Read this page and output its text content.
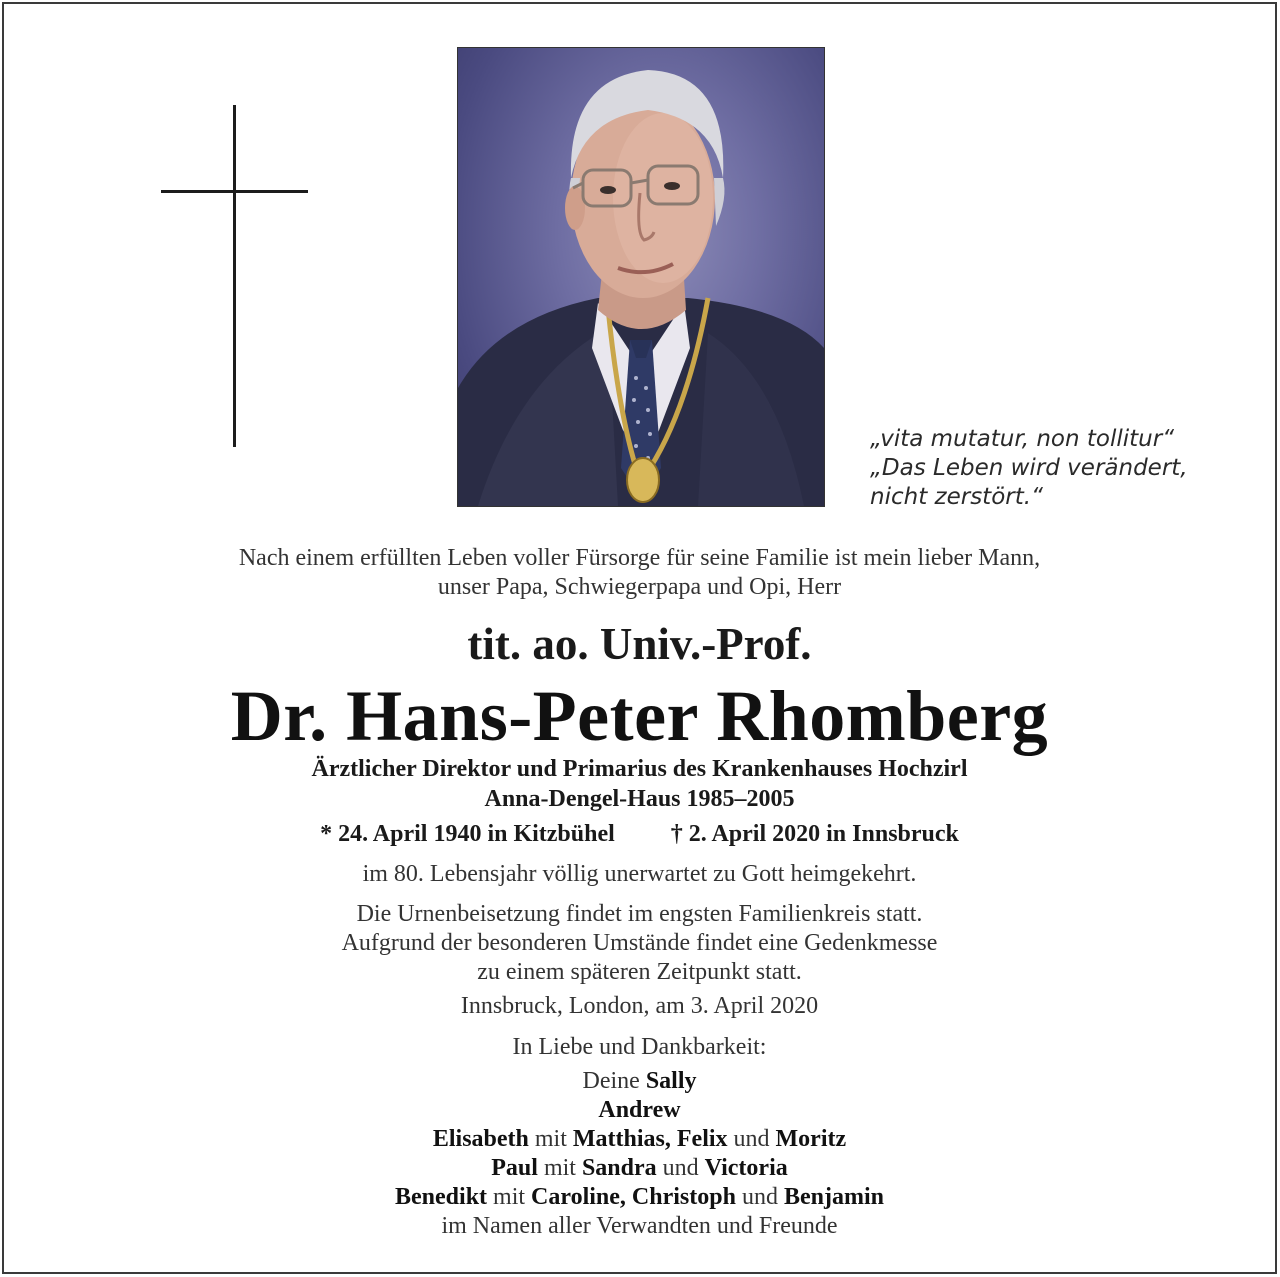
„vita mutatur, non tollitur“
„Das Leben wird verändert,
nicht zerstört.“
Nach einem erfüllten Leben voller Fürsorge für seine Familie ist mein lieber Mann,
unser Papa, Schwiegerpapa und Opi, Herr
tit. ao. Univ.-Prof.
Dr. Hans-Peter Rhomberg
Ärztlicher Direktor und Primarius des Krankenhauses Hochzirl
Anna-Dengel-Haus 1985–2005
* 24. April 1940 in Kitzbühel † 2. April 2020 in Innsbruck
im 80. Lebensjahr völlig unerwartet zu Gott heimgekehrt.
Die Urnenbeisetzung findet im engsten Familienkreis statt.
Aufgrund der besonderen Umstände findet eine Gedenkmesse
zu einem späteren Zeitpunkt statt.
Innsbruck, London, am 3. April 2020
In Liebe und Dankbarkeit:
Deine Sally
Andrew
Elisabeth mit Matthias, Felix und Moritz
Paul mit Sandra und Victoria
Benedikt mit Caroline, Christoph und Benjamin
im Namen aller Verwandten und Freunde
